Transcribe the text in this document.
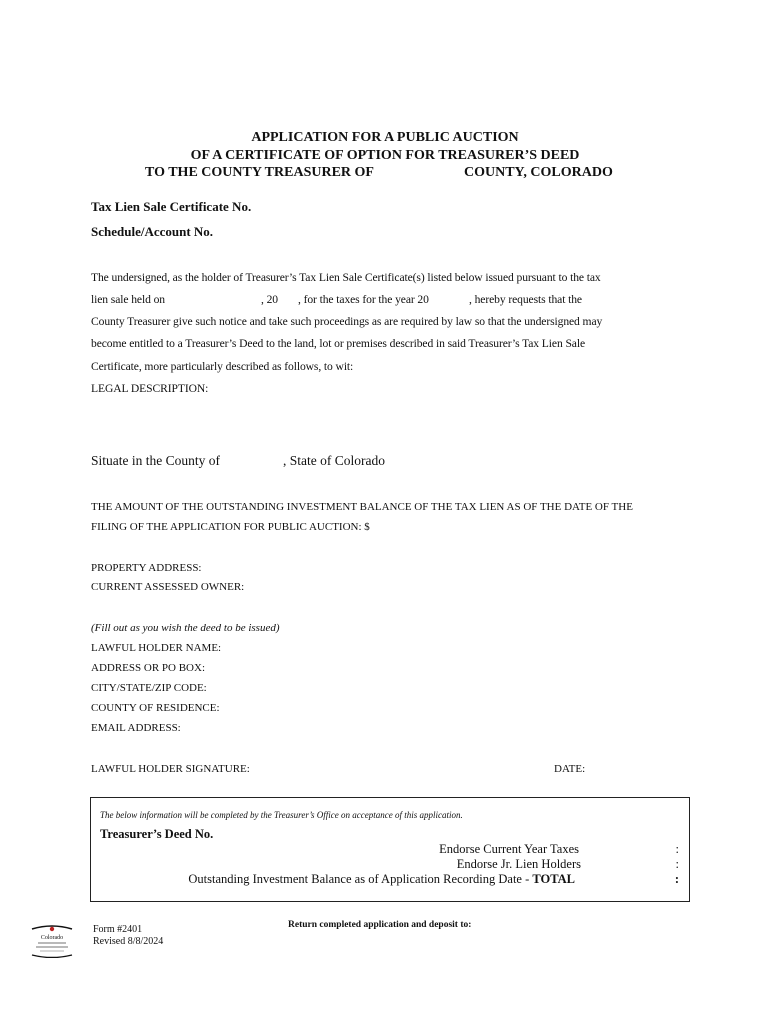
APPLICATION FOR A PUBLIC AUCTION
OF A CERTIFICATE OF OPTION FOR TREASURER’S DEED
TO THE COUNTY TREASURER OF	COUNTY, COLORADO
Tax Lien Sale Certificate No.
Schedule/Account No.
The undersigned, as the holder of Treasurer’s Tax Lien Sale Certificate(s) listed below issued pursuant to the tax
lien sale held on	, 20 , for the taxes for the year 20	, hereby requests that the
County Treasurer give such notice and take such proceedings as are required by law so that the undersigned may
become entitled to a Treasurer’s Deed to the land, lot or premises described in said Treasurer’s Tax Lien Sale
Certificate, more particularly described as follows, to wit:
LEGAL DESCRIPTION:
Situate in the County of	, State of Colorado
THE AMOUNT OF THE OUTSTANDING INVESTMENT BALANCE OF THE TAX LIEN AS OF THE DATE OF THE
FILING OF THE APPLICATION FOR PUBLIC AUCTION: $
PROPERTY ADDRESS:
CURRENT ASSESSED OWNER:
(Fill out as you wish the deed to be issued)
LAWFUL HOLDER NAME:
ADDRESS OR PO BOX:
CITY/STATE/ZIP CODE:
COUNTY OF RESIDENCE:
EMAIL ADDRESS:
LAWFUL HOLDER SIGNATURE:	DATE:
The below information will be completed by the Treasurer’s Office on acceptance of this application.
Treasurer’s Deed No.
Endorse Current Year Taxes	:
Endorse Jr. Lien Holders	:
Outstanding Investment Balance as of Application Recording Date - TOTAL	:
Colorado
Form #2401
Revised 8/8/2024
Return completed application and deposit to:
